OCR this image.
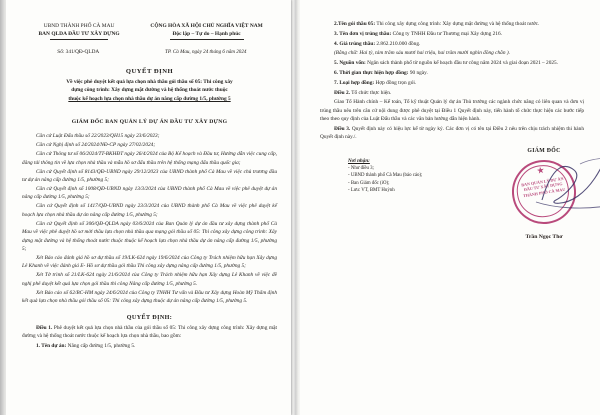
UBND THÀNH PHỐ CÀ MAU
BAN QLDA ĐẦU TƯ XÂY DỰNG
CỘNG HÒA XÃ HỘI CHỦ NGHĨA VIỆT NAM
Độc lập – Tự do – Hạnh phúc
Số: 341/QĐ-QLDA	TP. Cà Mau, ngày 24 tháng 6 năm 2024
QUYẾT ĐỊNH
Về việc phê duyệt kết quả lựa chọn nhà thầu gói thầu số 05: Thi công xây
dựng công trình: Xây dựng mặt đường và hệ thống thoát nước thuộc
thuộc kế hoạch lựa chọn nhà thầu dự án nâng cấp đường 1/5, phường 5
GIÁM ĐỐC BAN QUẢN LÝ DỰ ÁN ĐẦU TƯ XÂY DỰNG

Căn cứ Luật Đấu thầu số 22/2023/QH15 ngày 23/6/2023;

Căn cứ Nghị định số 24/2024/NĐ-CP ngày 27/02/2024;

Căn cứ Thông tư số 06/2024/TT-BKHĐT ngày 26/4/2024 của Bộ Kế hoạch và Đầu tư, Hướng dẫn việc cung cấp, đăng tải thông tin về lựa chọn nhà thầu và mẫu hồ sơ đấu thầu trên hệ thống mạng đấu thầu quốc gia;

Căn cứ Quyết định số 8143/QĐ-UBND ngày 29/12/2023 của UBND thành phố Cà Mau về việc chủ trương đầu tư dự án nâng cấp đường 1/5, phường 5;

Căn cứ Quyết định số 1008/QĐ-UBND ngày 13/3/2024 của UBND thành phố Cà Mau về việc phê duyệt dự án nâng cấp đường 1/5, phường 5;

Căn cứ Quyết định số 1417/QĐ-UBND ngày 23/3/2024 của UBND thành phố Cà Mau về việc phê duyệt kế hoạch lựa chọn nhà thầu dự án nâng cấp đường 1/5, phường 5;

Căn cứ Quyết định số 306/QĐ-QLDA ngày 03/6/2024 của Ban Quản lý dự án đầu tư xây dựng thành phố Cà Mau về việc phê duyệt hồ sơ mời thầu lựa chọn nhà thầu qua mạng gói thầu số 05: Thi công xây dựng công trình: Xây dựng mặt đường và hệ thống thoát nước thuộc thuộc kế hoạch lựa chọn nhà thầu dự án nâng cấp đường 1/5, phường 5;

Xét Báo cáo đánh giá hồ sơ dự thầu số 19/LK-624 ngày 19/6/2024 của Công ty Trách nhiệm hữu hạn Xây dựng Lê Khanh về việc đánh giá E- Hồ sơ dự thầu gói thầu Thi công xây dựng nâng cấp đường 1/5, phường 5;

Xét Tờ trình số 21/LK-624 ngày 21/6/2024 của Công ty Trách nhiệm hữu hạn Xây dựng Lê Khanh về việc đề nghị phê duyệt kết quả lựa chọn gói thầu thi công Nâng cấp đường 1/5, phường 5.

Xét Báo cáo số 62/BC-HM ngày 24/6/2024 của Công ty TNHH Tư vấn và Đầu tư Xây dựng Hoàn Mỹ Thẩm định kết quả lựa chọn nhà thầu gói thầu số 05: Thi công xây dựng thuộc dự án nâng cấp đường 1/5, phường 5.

QUYẾT ĐỊNH:

Điều 1. Phê duyệt kết quả lựa chọn nhà thầu của gói thầu số 05: Thi công xây dựng công trình: Xây dựng mặt đường và hệ thống thoát nước thuộc kế hoạch lựa chọn nhà thầu, bao gồm:

1. Tên dự án: Nâng cấp đường 1/5, phường 5.

2.Tên gói thầu 05: Thi công xây dựng công trình: Xây dựng mặt đường và hệ thống thoát nước.

3. Tên đơn vị trúng thầu: Công ty TNHH Đầu tư Thương mại Xây dựng 216.

4. Giá trúng thầu: 2.862.210.000 đồng.

(Bằng chữ: Hai tỷ, tám trăm sáu mươi hai triệu, hai trăm mười nghìn đồng chẵn ).

5. Nguồn vốn: Ngân sách thành phố từ nguồn kế hoạch đầu tư công năm 2024 và giai đoạn 2021 – 2025.

6. Thời gian thực hiện hợp đồng: 90 ngày.

7. Loại hợp đồng: Hợp đồng trọn gói.

Điều 2. Tổ chức thực hiện.

Giao Tổ Hành chính – Kế toán, Tổ kỹ thuật Quản lý dự án Thủ trưởng các ngành chức năng có liên quan và đơn vị trúng thầu nêu trên căn cứ nội dung được phê duyệt tại Điều 1 Quyết định này, tiến hành tổ chức thực hiện các bước tiếp theo theo quy định của Luật Đấu thầu và các văn bản hướng dẫn hiện hành.

Điều 3. Quyết định này có hiệu lực kể từ ngày ký. Các đơn vị có tên tại Điều 2 nêu trên chịu trách nhiệm thi hành Quyết định này./.

Nơi nhận:
- Như điều 3;
- UBND thành phố Cà Mau (báo cáo);
- Ban Giám đốc (iO);
- Lưu: VT, BMT Huỳnh
GIÁM ĐỐC
★
BAN QUẢN LÝ DỰ ÁN ĐẦU TƯ XÂY DỰNG THÀNH PHỐ CÀ MAU
Trần Ngọc Thơ
